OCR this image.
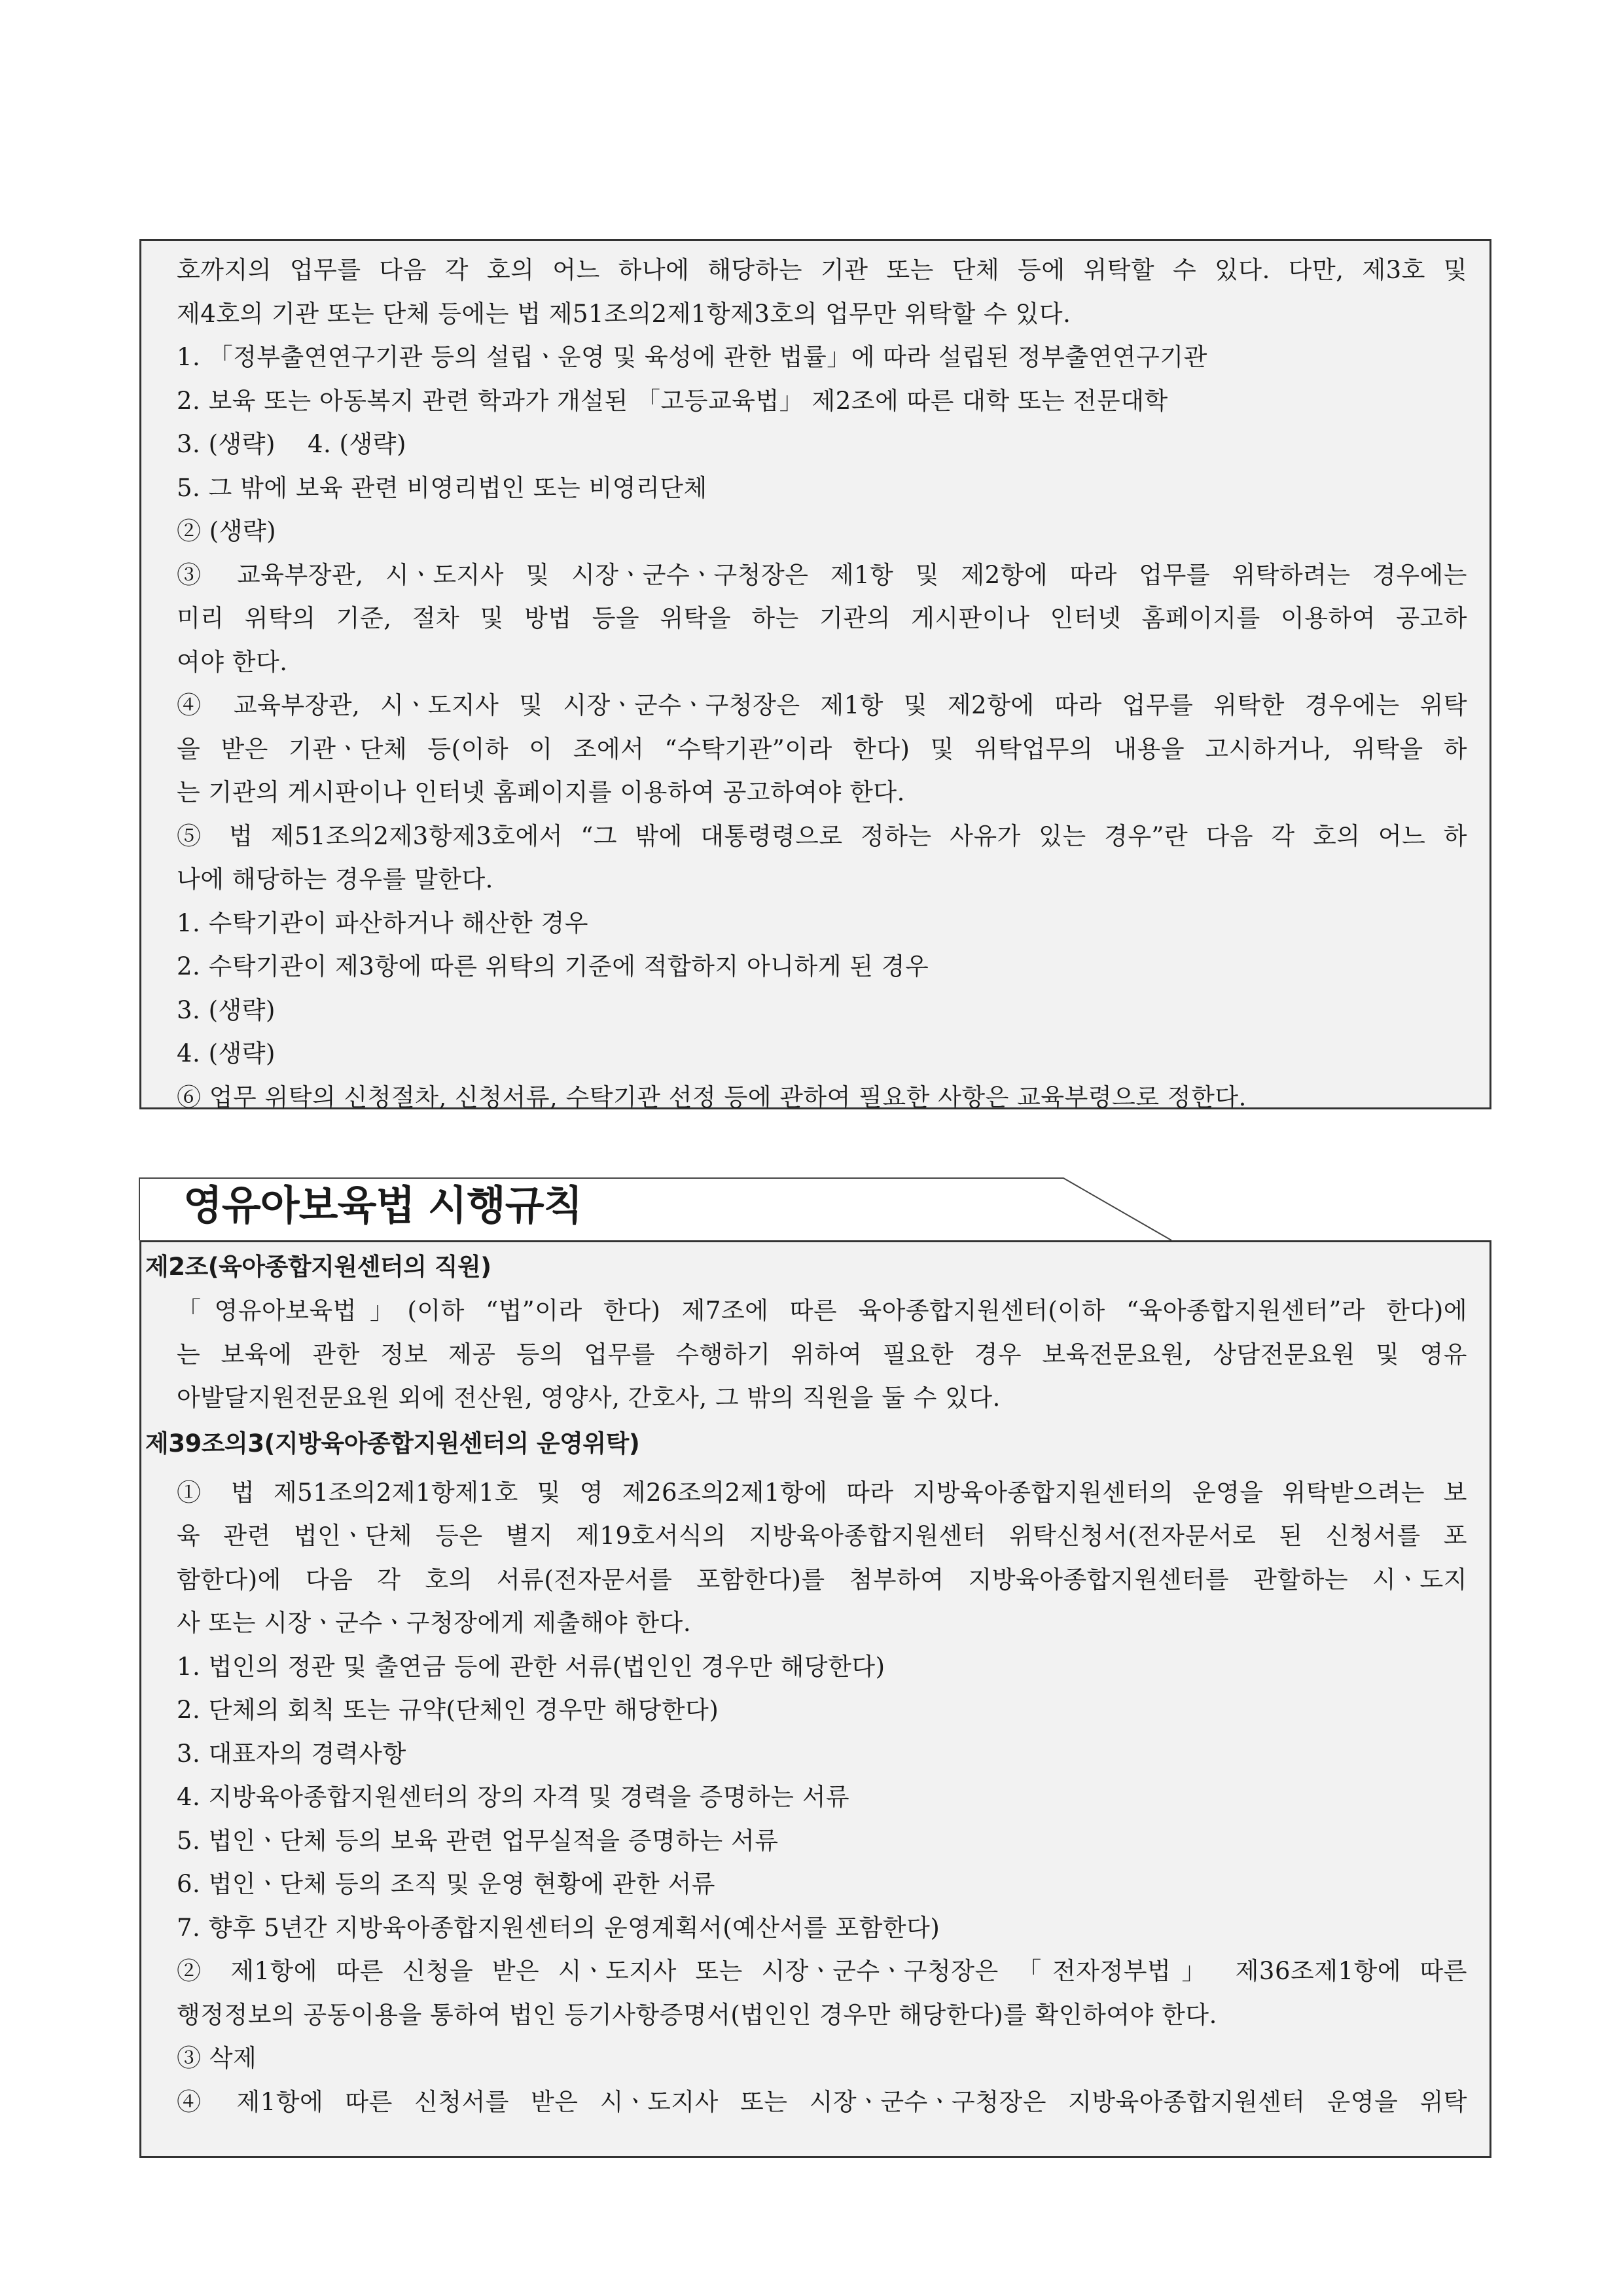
호까지의 업무를 다음 각 호의 어느 하나에 해당하는 기관 또는 단체 등에 위탁할 수 있다. 다만, 제3호 및
제4호의 기관 또는 단체 등에는 법 제51조의2제1항제3호의 업무만 위탁할 수 있다.
1. 「정부출연연구기관 등의 설립ㆍ운영 및 육성에 관한 법률」에 따라 설립된 정부출연연구기관
2. 보육 또는 아동복지 관련 학과가 개설된 「고등교육법」 제2조에 따른 대학 또는 전문대학
3. (생략)    4. (생략)
5. 그 밖에 보육 관련 비영리법인 또는 비영리단체
② (생략)
③ 교육부장관, 시ㆍ도지사 및 시장ㆍ군수ㆍ구청장은 제1항 및 제2항에 따라 업무를 위탁하려는 경우에는
미리 위탁의 기준, 절차 및 방법 등을 위탁을 하는 기관의 게시판이나 인터넷 홈페이지를 이용하여 공고하
여야 한다.
④ 교육부장관, 시ㆍ도지사 및 시장ㆍ군수ㆍ구청장은 제1항 및 제2항에 따라 업무를 위탁한 경우에는 위탁
을 받은 기관ㆍ단체 등(이하 이 조에서 “수탁기관”이라 한다) 및 위탁업무의 내용을 고시하거나, 위탁을 하
는 기관의 게시판이나 인터넷 홈페이지를 이용하여 공고하여야 한다.
⑤ 법 제51조의2제3항제3호에서 “그 밖에 대통령령으로 정하는 사유가 있는 경우”란 다음 각 호의 어느 하
나에 해당하는 경우를 말한다.
1. 수탁기관이 파산하거나 해산한 경우
2. 수탁기관이 제3항에 따른 위탁의 기준에 적합하지 아니하게 된 경우
3. (생략)
4. (생략)
⑥ 업무 위탁의 신청절차, 신청서류, 수탁기관 선정 등에 관하여 필요한 사항은 교육부령으로 정한다.
영유아보육법 시행규칙
제2조(육아종합지원센터의 직원)
「영유아보육법」(이하 “법”이라 한다) 제7조에 따른 육아종합지원센터(이하 “육아종합지원센터”라 한다)에
는 보육에 관한 정보 제공 등의 업무를 수행하기 위하여 필요한 경우 보육전문요원, 상담전문요원 및 영유
아발달지원전문요원 외에 전산원, 영양사, 간호사, 그 밖의 직원을 둘 수 있다.
제39조의3(지방육아종합지원센터의 운영위탁)
① 법 제51조의2제1항제1호 및 영 제26조의2제1항에 따라 지방육아종합지원센터의 운영을 위탁받으려는 보
육 관련 법인ㆍ단체 등은 별지 제19호서식의 지방육아종합지원센터 위탁신청서(전자문서로 된 신청서를 포
함한다)에 다음 각 호의 서류(전자문서를 포함한다)를 첨부하여 지방육아종합지원센터를 관할하는 시ㆍ도지
사 또는 시장ㆍ군수ㆍ구청장에게 제출해야 한다.
1. 법인의 정관 및 출연금 등에 관한 서류(법인인 경우만 해당한다)
2. 단체의 회칙 또는 규약(단체인 경우만 해당한다)
3. 대표자의 경력사항
4. 지방육아종합지원센터의 장의 자격 및 경력을 증명하는 서류
5. 법인ㆍ단체 등의 보육 관련 업무실적을 증명하는 서류
6. 법인ㆍ단체 등의 조직 및 운영 현황에 관한 서류
7. 향후 5년간 지방육아종합지원센터의 운영계획서(예산서를 포함한다)
② 제1항에 따른 신청을 받은 시ㆍ도지사 또는 시장ㆍ군수ㆍ구청장은 「전자정부법」 제36조제1항에 따른
행정정보의 공동이용을 통하여 법인 등기사항증명서(법인인 경우만 해당한다)를 확인하여야 한다.
③ 삭제
④ 제1항에 따른 신청서를 받은 시ㆍ도지사 또는 시장ㆍ군수ㆍ구청장은 지방육아종합지원센터 운영을 위탁
